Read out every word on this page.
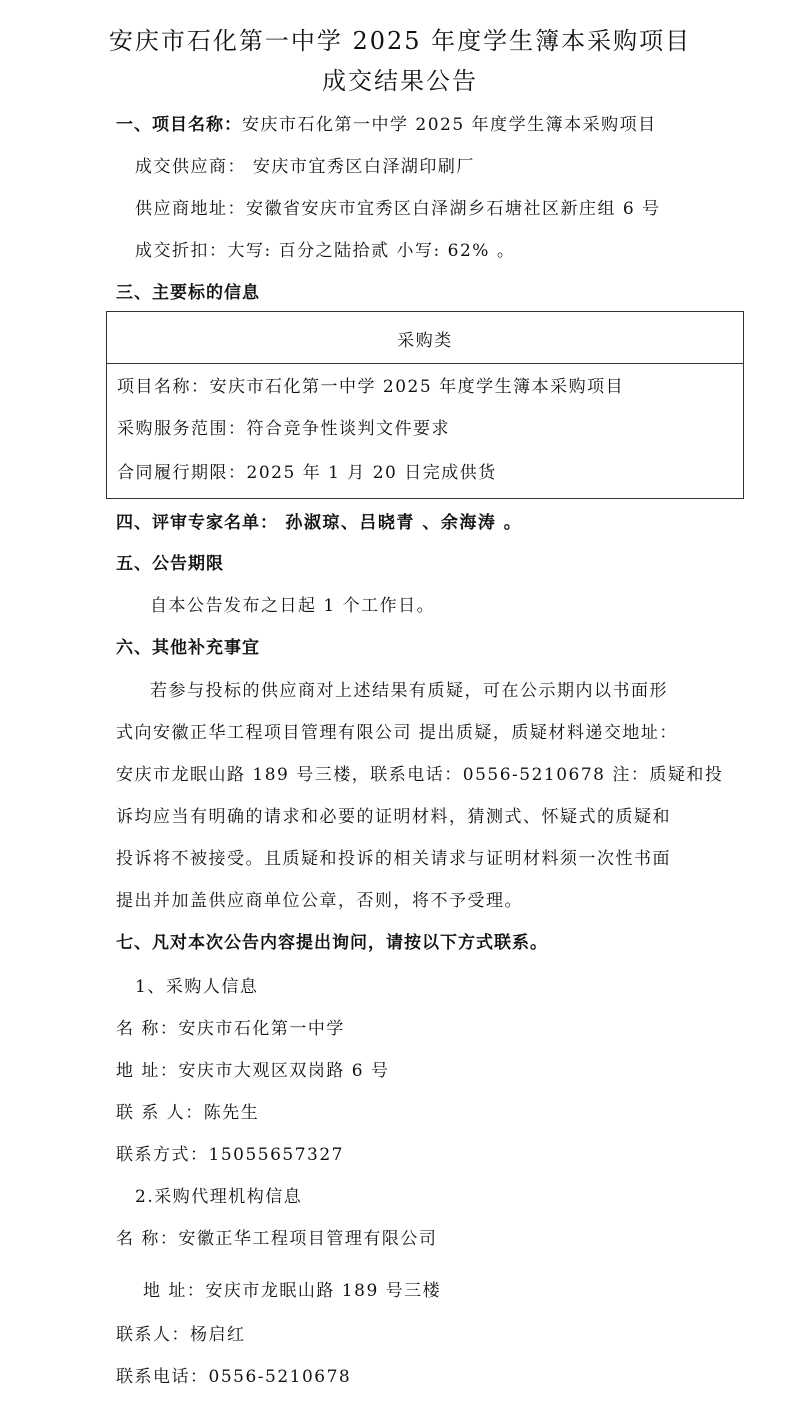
安庆市石化第一中学 2025 年度学生簿本采购项目
成交结果公告
一、项目名称：安庆市石化第一中学 2025 年度学生簿本采购项目
成交供应商： 安庆市宜秀区白泽湖印刷厂
供应商地址：安徽省安庆市宜秀区白泽湖乡石塘社区新庄组 6 号
成交折扣：大写: 百分之陆拾贰 小写: 62% 。
三、主要标的信息
采购类
项目名称：安庆市石化第一中学 2025 年度学生簿本采购项目
采购服务范围：符合竞争性谈判文件要求
合同履行期限：2025 年 1 月 20 日完成供货
四、评审专家名单： 孙淑琼、吕晓青 、余海涛 。
五、公告期限
自本公告发布之日起 1 个工作日。
六、其他补充事宜
若参与投标的供应商对上述结果有质疑，可在公示期内以书面形
式向安徽正华工程项目管理有限公司 提出质疑，质疑材料递交地址：
安庆市龙眠山路 189 号三楼，联系电话：0556-5210678 注：质疑和投
诉均应当有明确的请求和必要的证明材料，猜测式、怀疑式的质疑和
投诉将不被接受。且质疑和投诉的相关请求与证明材料须一次性书面
提出并加盖供应商单位公章，否则，将不予受理。
七、凡对本次公告内容提出询问，请按以下方式联系。
1、采购人信息
名 称：安庆市石化第一中学
地 址：安庆市大观区双岗路 6 号
联 系 人：陈先生
联系方式：15055657327
2.采购代理机构信息
名 称：安徽正华工程项目管理有限公司
地 址：安庆市龙眠山路 189 号三楼
联系人：杨启红
联系电话：0556-5210678
